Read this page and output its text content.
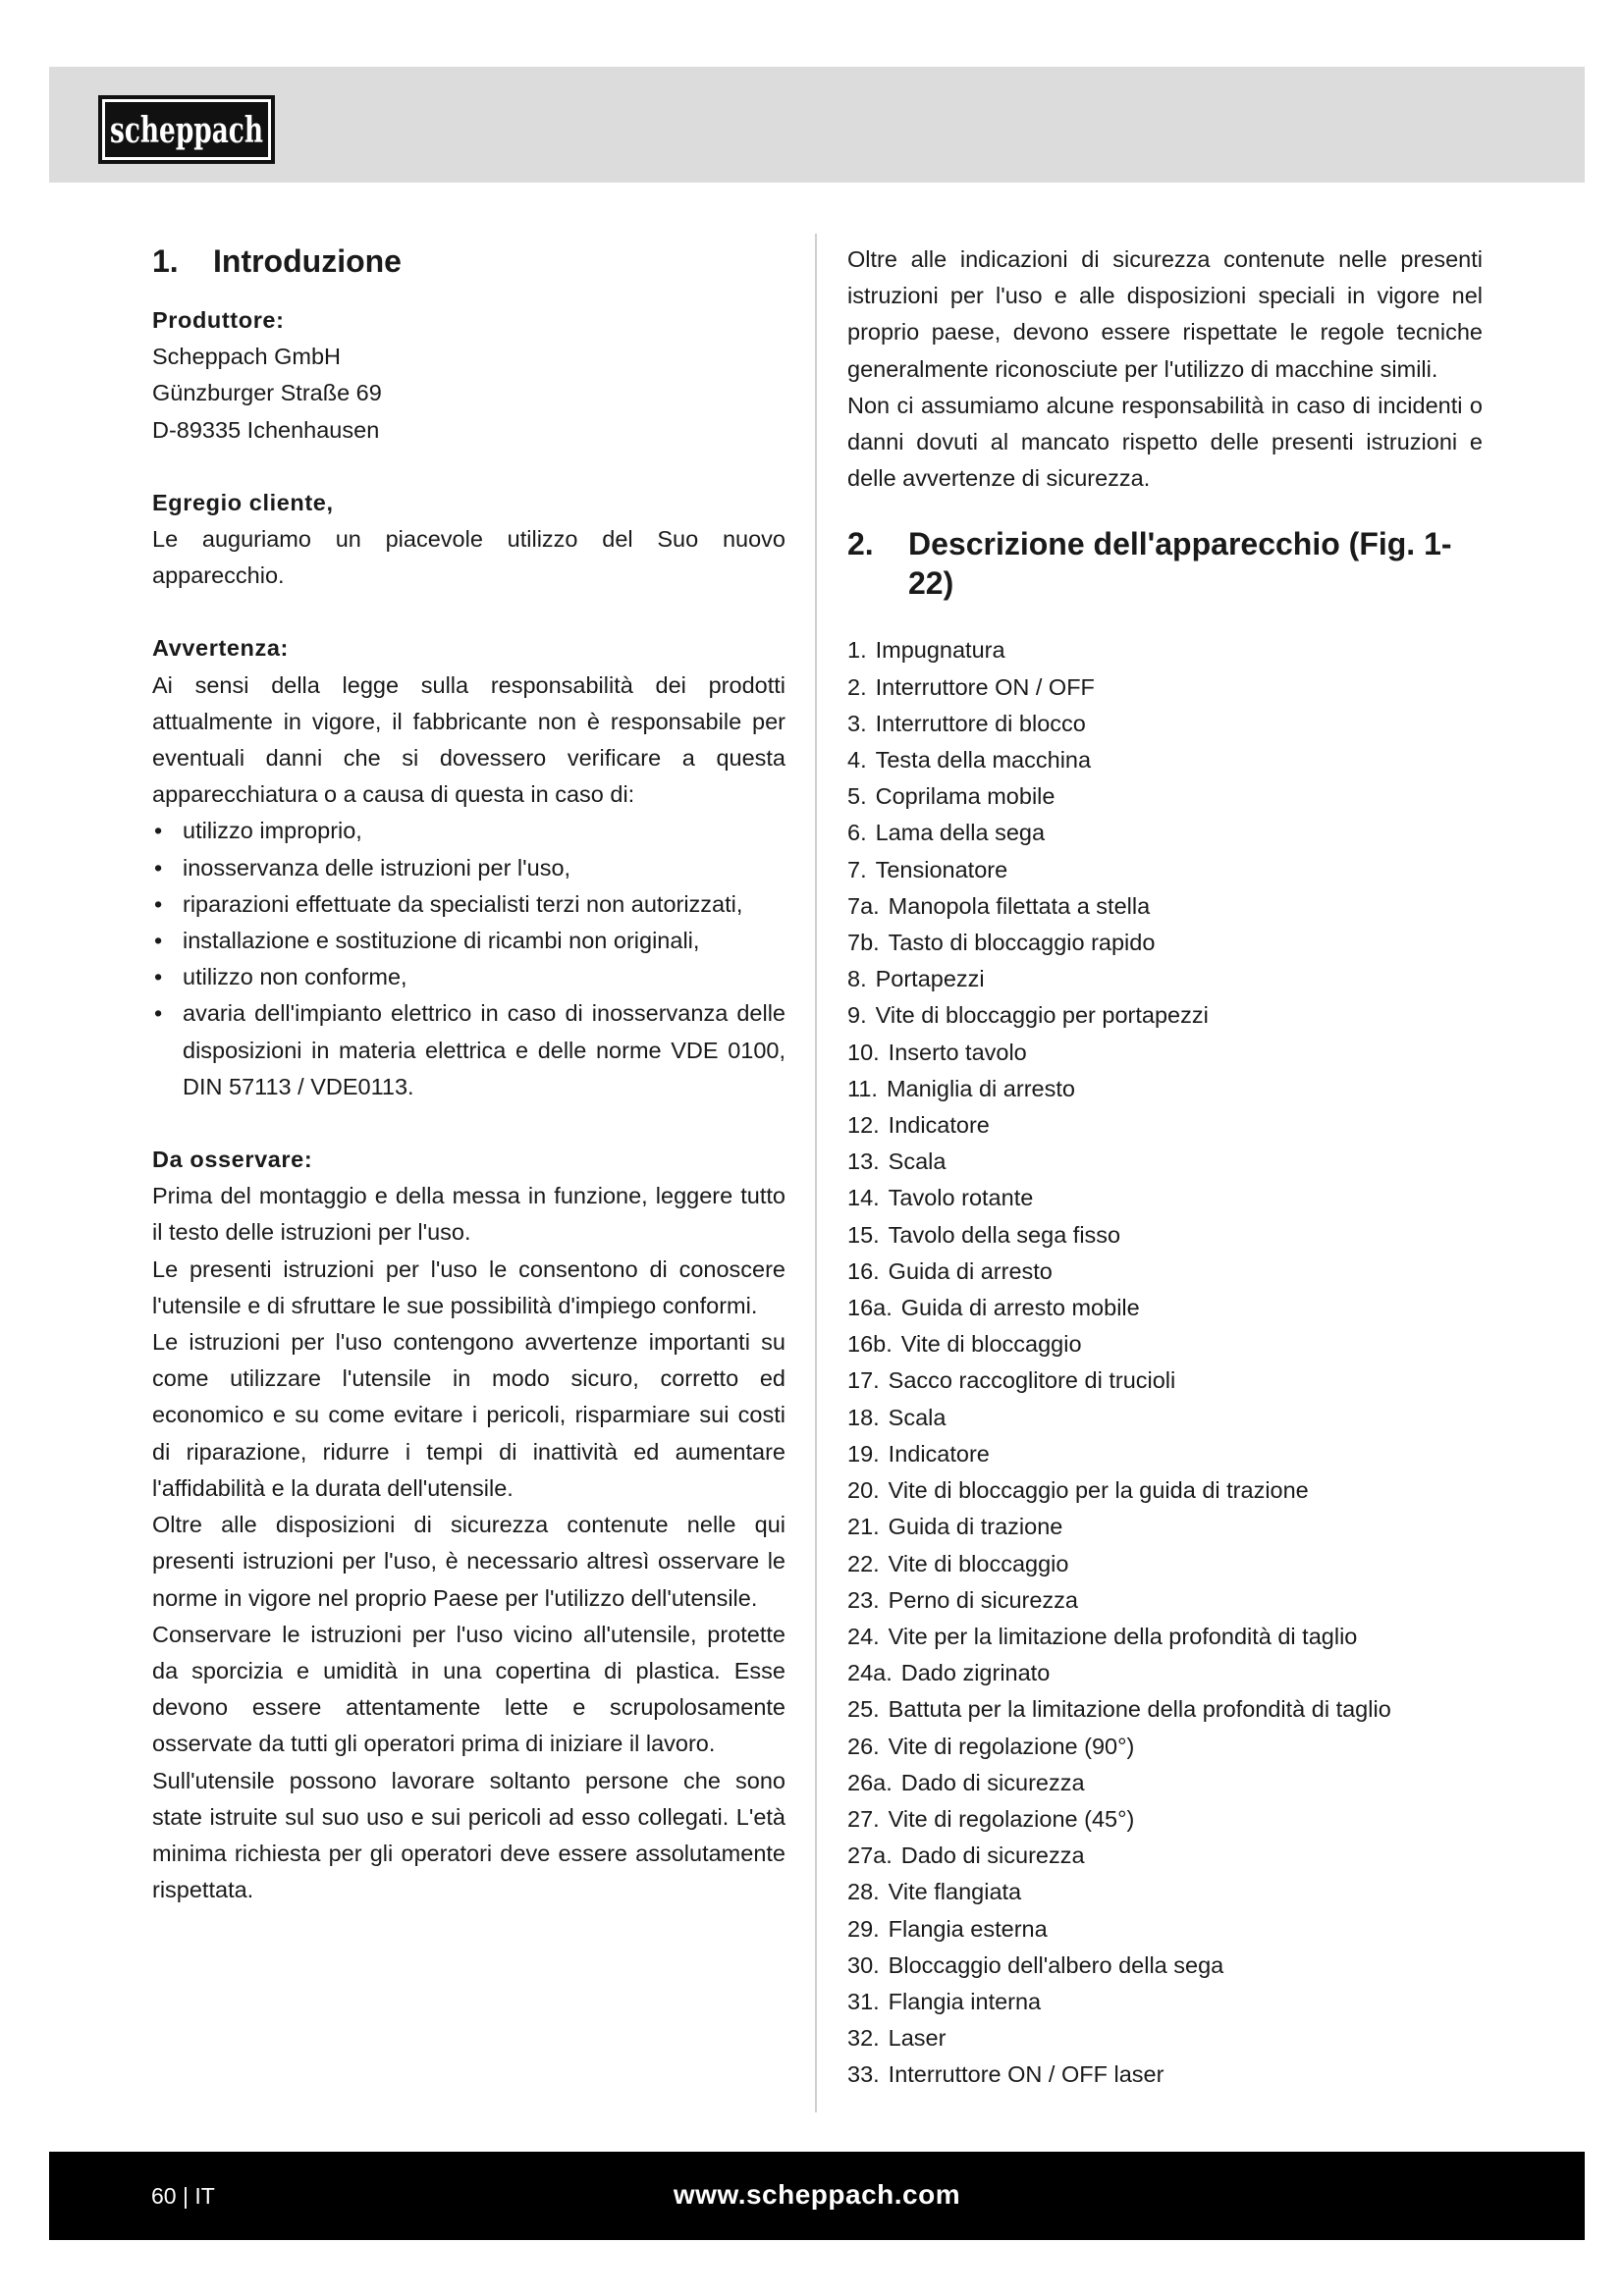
scheppach
1.	Introduzione
Produttore:
Scheppach GmbH
Günzburger Straße 69
D-89335 Ichenhausen
Egregio cliente,

Le auguriamo un piacevole utilizzo del Suo nuovo apparecchio.

Avvertenza:

Ai sensi della legge sulla responsabilità dei prodotti attualmente in vigore, il fabbricante non è responsabile per eventuali danni che si dovessero verificare a questa apparecchiatura o a causa di questa in caso di:

• utilizzo improprio,
• inosservanza delle istruzioni per l'uso,
• riparazioni effettuate da specialisti terzi non autorizzati,
• installazione e sostituzione di ricambi non originali,
• utilizzo non conforme,
• avaria dell'impianto elettrico in caso di inosservanza delle disposizioni in materia elettrica e delle norme VDE 0100, DIN 57113 / VDE0113.
Da osservare:

Prima del montaggio e della messa in funzione, leggere tutto il testo delle istruzioni per l'uso.

Le presenti istruzioni per l'uso le consentono di conoscere l'utensile e di sfruttare le sue possibilità d'impiego conformi.

Le istruzioni per l'uso contengono avvertenze importanti su come utilizzare l'utensile in modo sicuro, corretto ed economico e su come evitare i pericoli, risparmiare sui costi di riparazione, ridurre i tempi di inattività ed aumentare l'affidabilità e la durata dell'utensile.

Oltre alle disposizioni di sicurezza contenute nelle qui presenti istruzioni per l'uso, è necessario altresì osservare le norme in vigore nel proprio Paese per l'utilizzo dell'utensile.

Conservare le istruzioni per l'uso vicino all'utensile, protette da sporcizia e umidità in una copertina di plastica. Esse devono essere attentamente lette e scrupolosamente osservate da tutti gli operatori prima di iniziare il lavoro.

Sull'utensile possono lavorare soltanto persone che sono state istruite sul suo uso e sui pericoli ad esso collegati. L'età minima richiesta per gli operatori deve essere assolutamente rispettata.

Oltre alle indicazioni di sicurezza contenute nelle presenti istruzioni per l'uso e alle disposizioni speciali in vigore nel proprio paese, devono essere rispettate le regole tecniche generalmente riconosciute per l'utilizzo di macchine simili.

Non ci assumiamo alcune responsabilità in caso di incidenti o danni dovuti al mancato rispetto delle presenti istruzioni e delle avvertenze di sicurezza.

2.	Descrizione dell'apparecchio (Fig. 1-22)
1. Impugnatura
2. Interruttore ON / OFF
3. Interruttore di blocco
4. Testa della macchina
5. Coprilama mobile
6. Lama della sega
7. Tensionatore
7a. Manopola filettata a stella
7b. Tasto di bloccaggio rapido
8. Portapezzi
9. Vite di bloccaggio per portapezzi
10. Inserto tavolo
11. Maniglia di arresto
12. Indicatore
13. Scala
14. Tavolo rotante
15. Tavolo della sega fisso
16. Guida di arresto
16a. Guida di arresto mobile
16b. Vite di bloccaggio
17. Sacco raccoglitore di trucioli
18. Scala
19. Indicatore
20. Vite di bloccaggio per la guida di trazione
21. Guida di trazione
22. Vite di bloccaggio
23. Perno di sicurezza
24. Vite per la limitazione della profondità di taglio
24a. Dado zigrinato
25. Battuta per la limitazione della profondità di taglio
26. Vite di regolazione (90°)
26a. Dado di sicurezza
27. Vite di regolazione (45°)
27a. Dado di sicurezza
28. Vite flangiata
29. Flangia esterna
30. Bloccaggio dell'albero della sega
31. Flangia interna
32. Laser
33. Interruttore ON / OFF laser
60 | IT	www.scheppach.com
